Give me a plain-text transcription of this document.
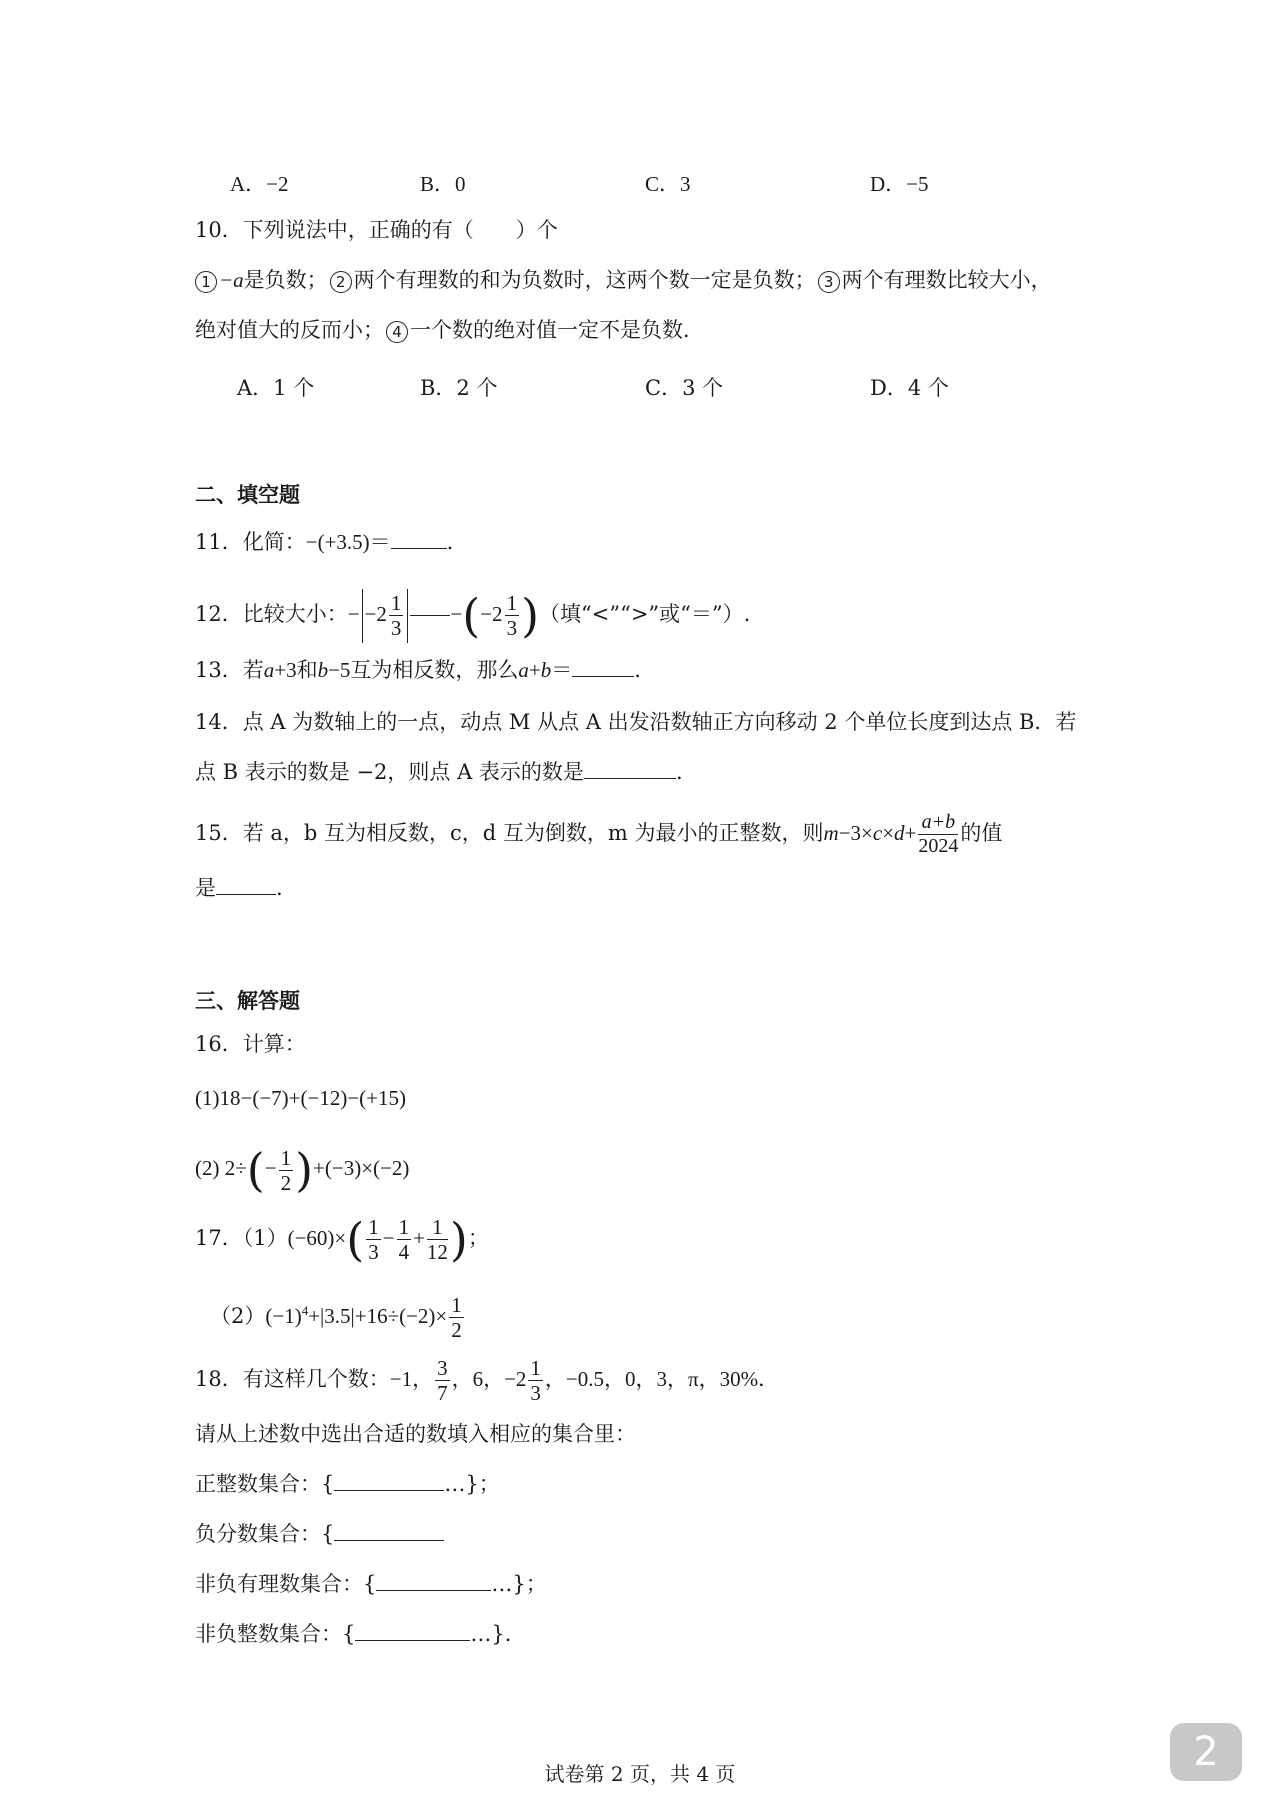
A．−2	B．0	C．3	D．−5
10．下列说法中，正确的有（　　）个
1 −a是负数； 2 两个有理数的和为负数时，这两个数一定是负数； 3 两个有理数比较大小，
绝对值大的反而小； 4 一个数的绝对值一定不是负数．
A．1 个	B．2 个	C．3 个	D．4 个
二、填空题
11．化简：−(+3.5)＝	.
12．比较大小：− $-2 \frac{1}{3} -(-2 \frac{1}{3}$ )（填“<”“>”或“＝”）.
13．若a+3和b−5互为相反数，那么a+b＝	.
14．点 A 为数轴上的一点，动点 M 从点 A 出发沿数轴正方向移动 2 个单位长度到达点 B．若
点 B 表示的数是 −2，则点 A 表示的数是	.
15．若 a，b 互为相反数，c，d 互为倒数，m 为最小的正整数，则$m-3\times c\times d+ \frac{a+b}{2024}$ 的值
是	.
三、解答题
16．计算：
(1)18−(−7)+(−12)−(+15)
(2) $2\div(- \frac{1}{2} )+(-3)\times(-2)$
17．$(1)(-60)\times( \frac{1}{3} - \frac{1}{4} + \frac{1}{12}$ )；
$(2)(-1)^4+|3.5|+16\div(-2)\times \frac{1}{2}$
18．有这样几个数：−1， $\frac{3}{7}$ ，6，$-2 \frac{1}{3}$ ，−0.5，0，3，π，30%．
请从上述数中选出合适的数填入相应的集合里：
正整数集合：{	…}；
负分数集合：{
非负有理数集合：{	…}；
非负整数集合：{	…}.
试卷第 2 页，共 4 页	2
